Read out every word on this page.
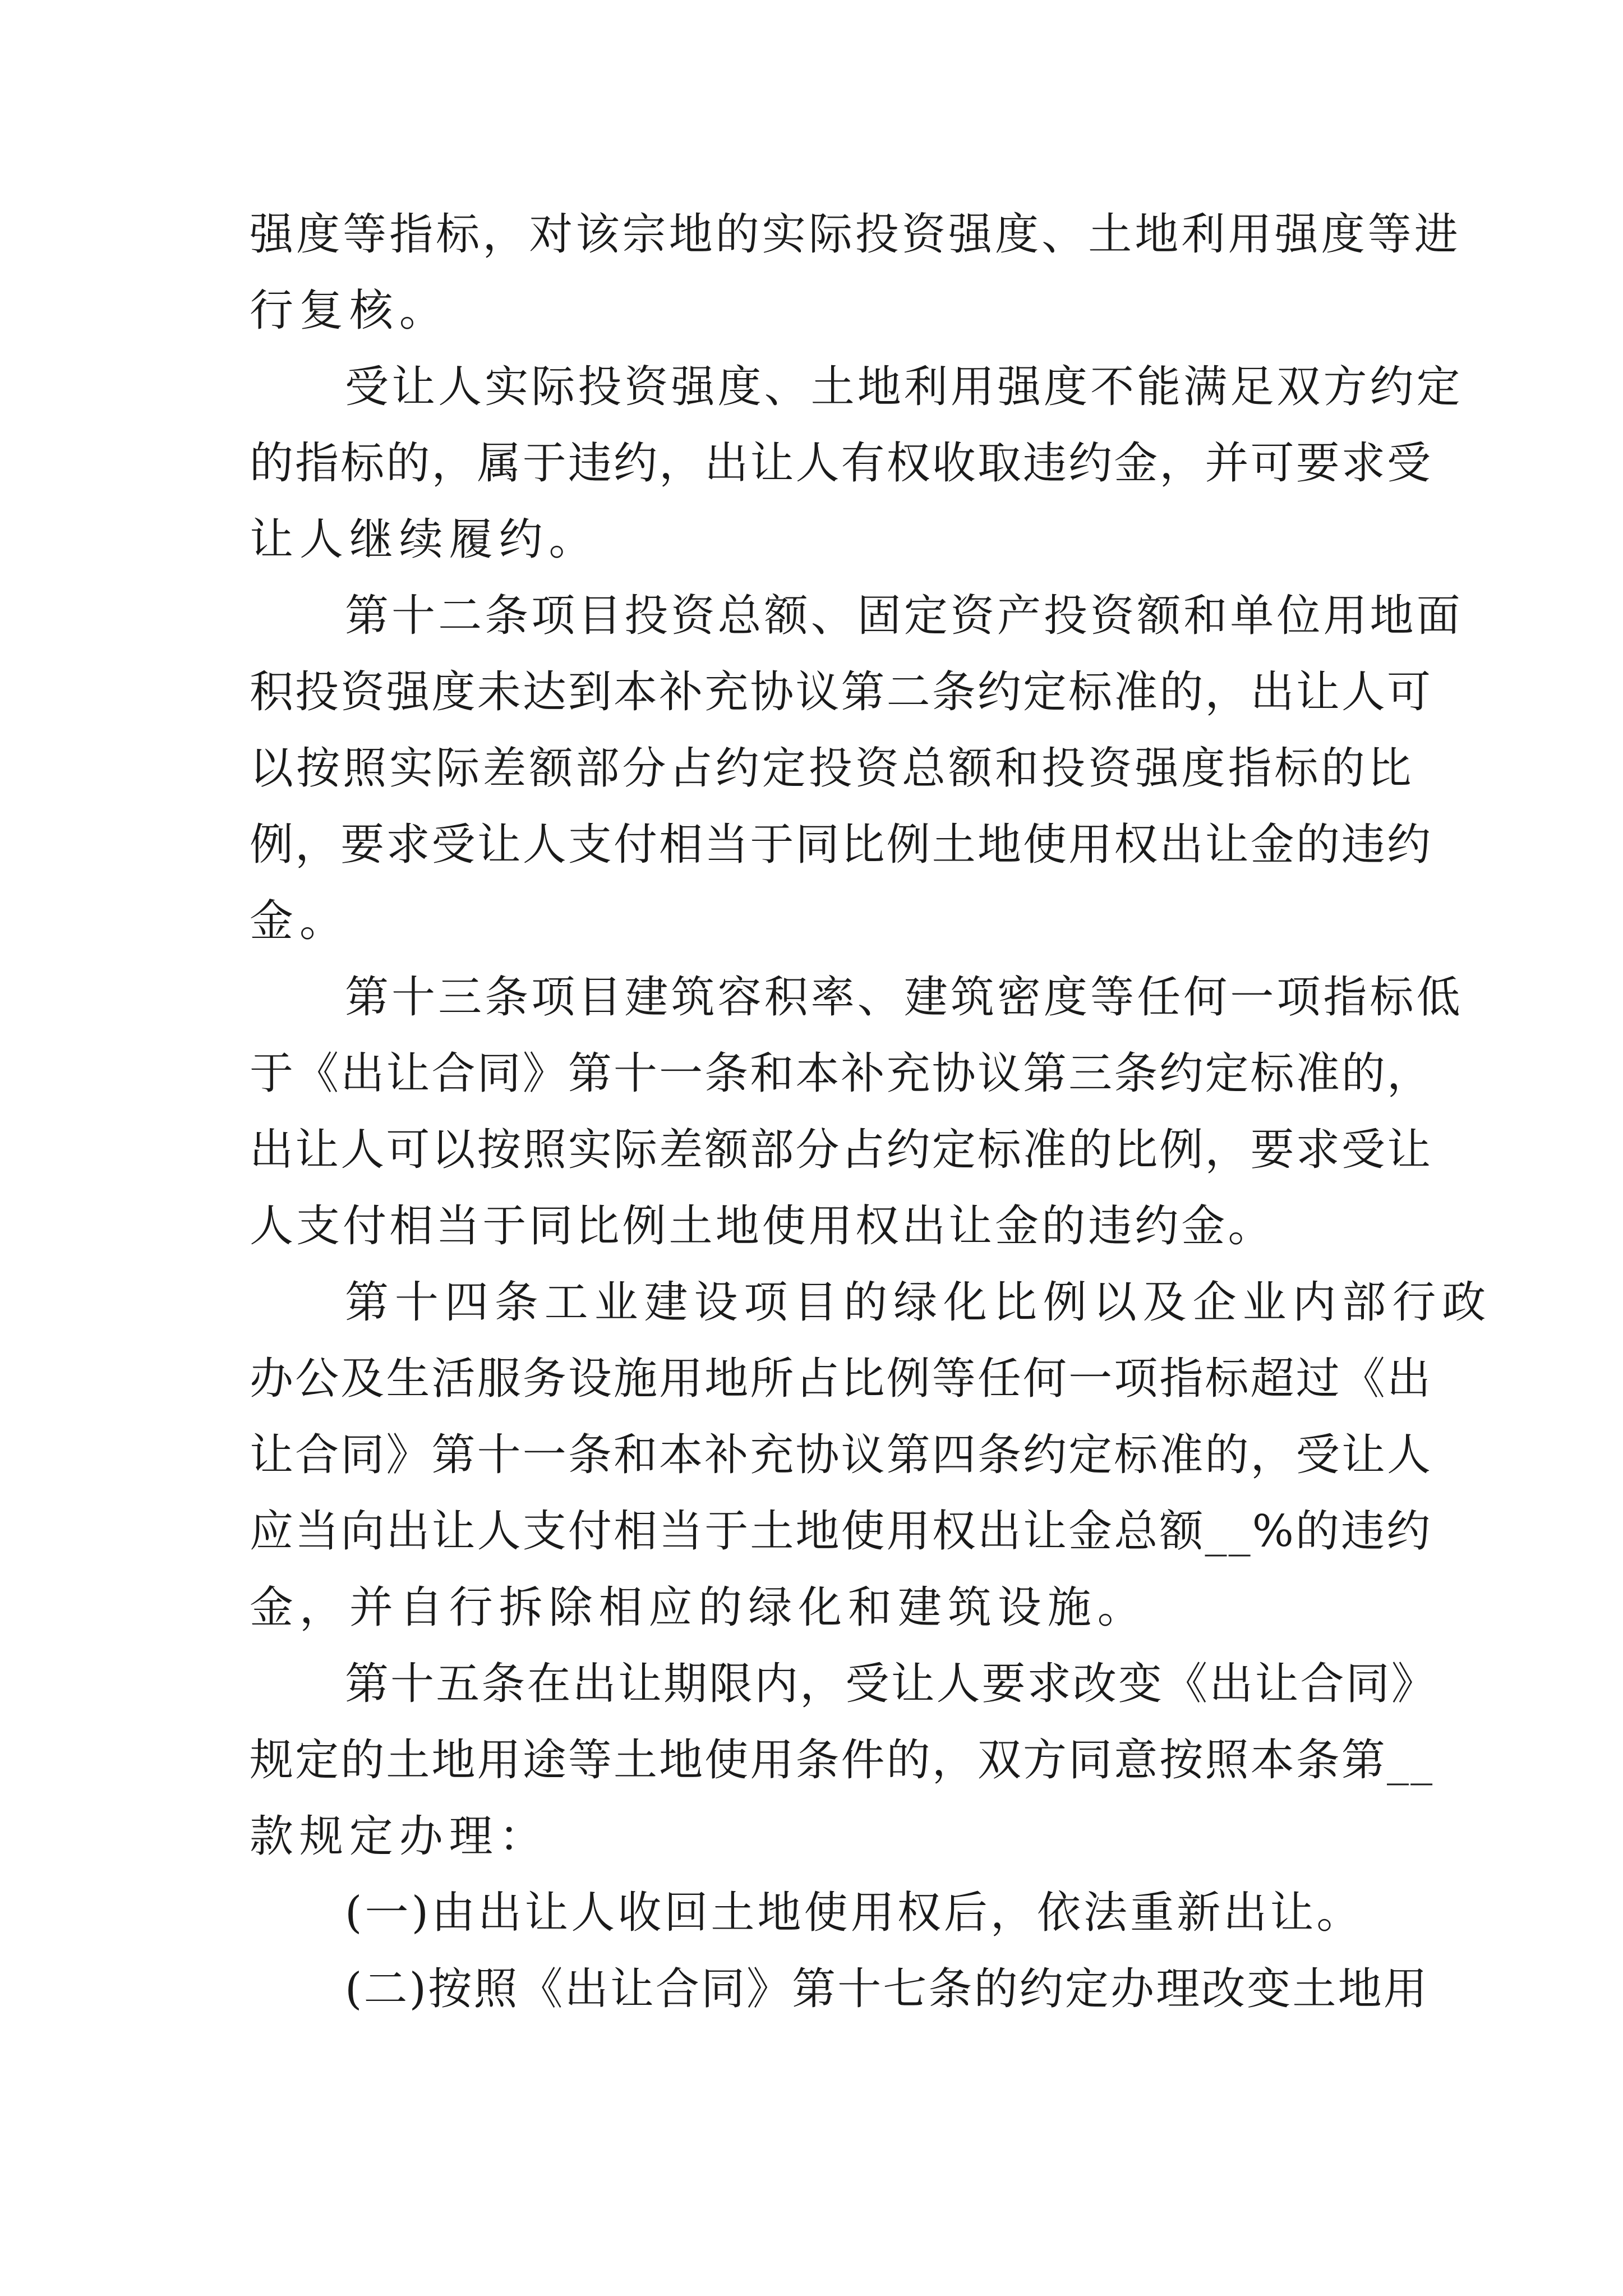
强度等指标，对该宗地的实际投资强度、土地利用强度等进
行复核。
受让人实际投资强度、土地利用强度不能满足双方约定
的指标的，属于违约，出让人有权收取违约金，并可要求受
让人继续履约。
第十二条项目投资总额、固定资产投资额和单位用地面
积投资强度未达到本补充协议第二条约定标准的，出让人可
以按照实际差额部分占约定投资总额和投资强度指标的比
例，要求受让人支付相当于同比例土地使用权出让金的违约
金。
第十三条项目建筑容积率、建筑密度等任何一项指标低
于《出让合同》第十一条和本补充协议第三条约定标准的，
出让人可以按照实际差额部分占约定标准的比例，要求受让
人支付相当于同比例土地使用权出让金的违约金。
第十四条工业建设项目的绿化比例以及企业内部行政
办公及生活服务设施用地所占比例等任何一项指标超过《出
让合同》第十一条和本补充协议第四条约定标准的，受让人
应当向出让人支付相当于土地使用权出让金总额__%的违约
金，并自行拆除相应的绿化和建筑设施。
第十五条在出让期限内，受让人要求改变《出让合同》
规定的土地用途等土地使用条件的，双方同意按照本条第__
款规定办理：
(一)由出让人收回土地使用权后，依法重新出让。
(二)按照《出让合同》第十七条的约定办理改变土地用
